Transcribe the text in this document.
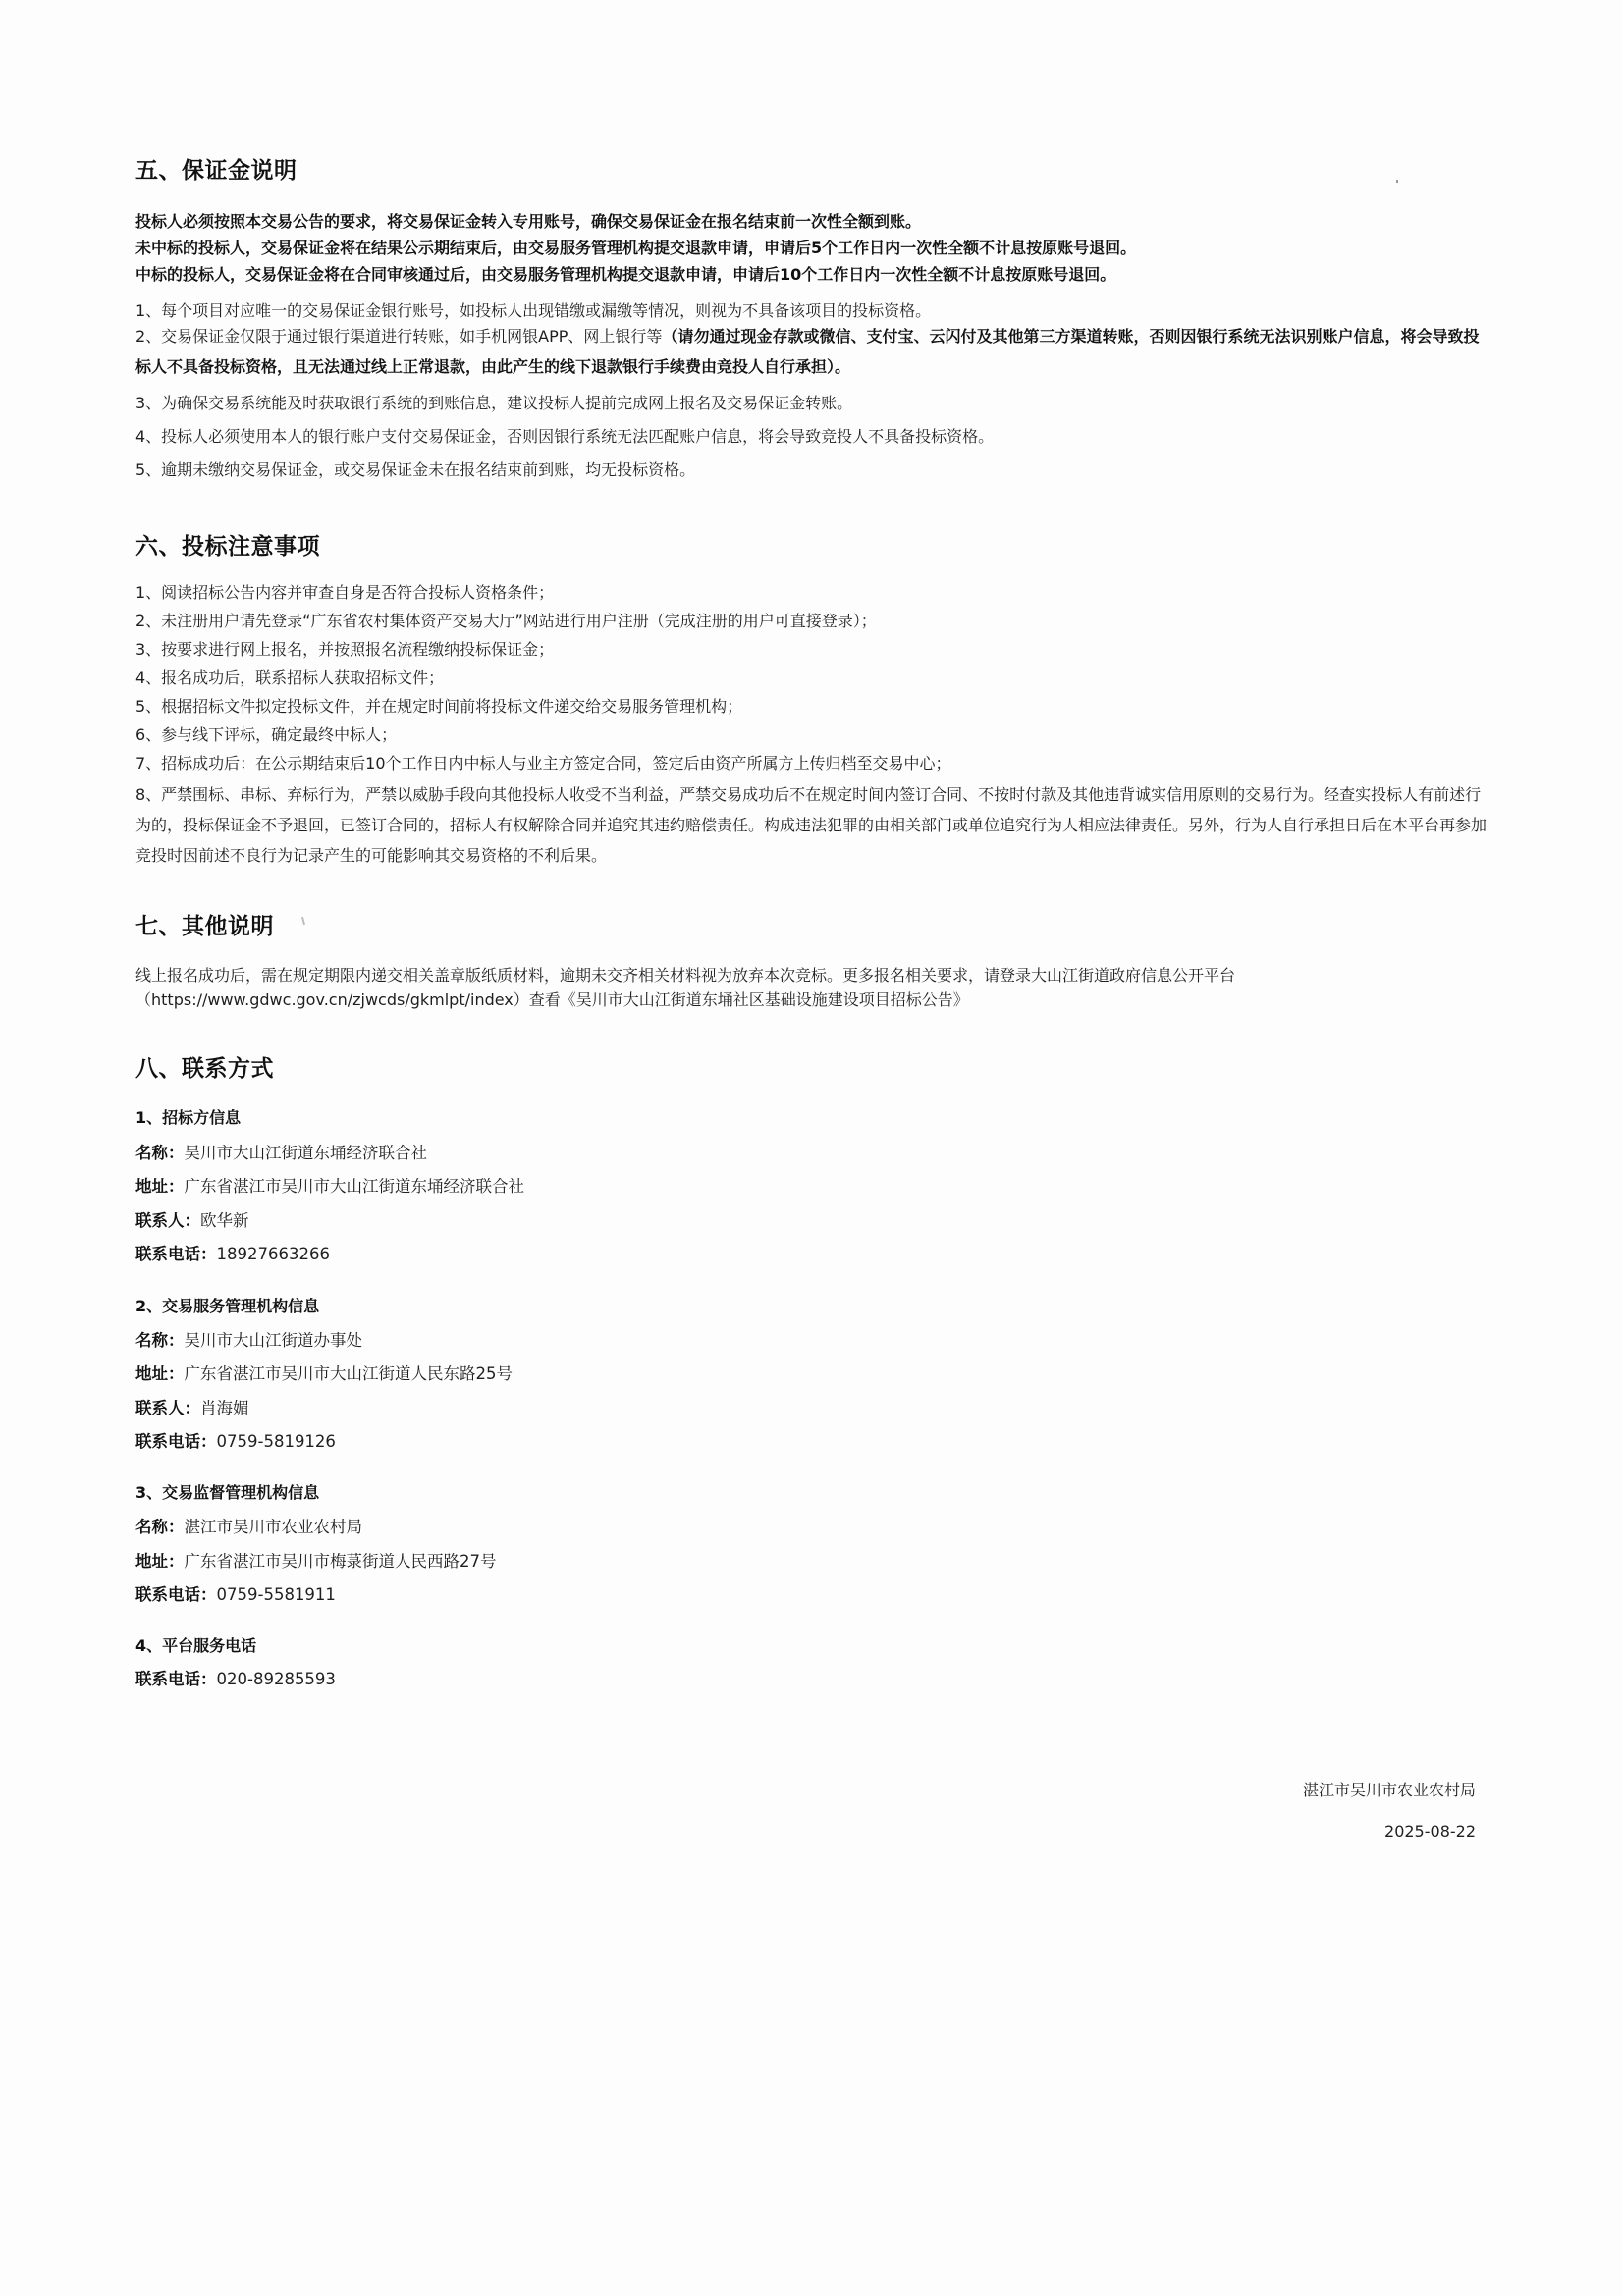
五、保证金说明
投标人必须按照本交易公告的要求，将交易保证金转入专用账号，确保交易保证金在报名结束前一次性全额到账。
未中标的投标人，交易保证金将在结果公示期结束后，由交易服务管理机构提交退款申请，申请后5个工作日内一次性全额不计息按原账号退回。
中标的投标人，交易保证金将在合同审核通过后，由交易服务管理机构提交退款申请，申请后10个工作日内一次性全额不计息按原账号退回。
1、每个项目对应唯一的交易保证金银行账号，如投标人出现错缴或漏缴等情况，则视为不具备该项目的投标资格。
2、交易保证金仅限于通过银行渠道进行转账，如手机网银APP、网上银行等（请勿通过现金存款或微信、支付宝、云闪付及其他第三方渠道转账，否则因银行系统无法识别账户信息，将会导致投标人不具备投标资格，且无法通过线上正常退款，由此产生的线下退款银行手续费由竞投人自行承担）。
3、为确保交易系统能及时获取银行系统的到账信息，建议投标人提前完成网上报名及交易保证金转账。
4、投标人必须使用本人的银行账户支付交易保证金，否则因银行系统无法匹配账户信息，将会导致竞投人不具备投标资格。
5、逾期未缴纳交易保证金，或交易保证金未在报名结束前到账，均无投标资格。
六、投标注意事项
1、阅读招标公告内容并审查自身是否符合投标人资格条件；
2、未注册用户请先登录“广东省农村集体资产交易大厅”网站进行用户注册（完成注册的用户可直接登录）；
3、按要求进行网上报名，并按照报名流程缴纳投标保证金；
4、报名成功后，联系招标人获取招标文件；
5、根据招标文件拟定投标文件，并在规定时间前将投标文件递交给交易服务管理机构；
6、参与线下评标，确定最终中标人；
7、招标成功后：在公示期结束后10个工作日内中标人与业主方签定合同，签定后由资产所属方上传归档至交易中心；
8、严禁围标、串标、弃标行为，严禁以威胁手段向其他投标人收受不当利益，严禁交易成功后不在规定时间内签订合同、不按时付款及其他违背诚实信用原则的交易行为。经查实投标人有前述行为的，投标保证金不予退回，已签订合同的，招标人有权解除合同并追究其违约赔偿责任。构成违法犯罪的由相关部门或单位追究行为人相应法律责任。另外，行为人自行承担日后在本平台再参加竞投时因前述不良行为记录产生的可能影响其交易资格的不利后果。
七、其他说明
线上报名成功后，需在规定期限内递交相关盖章版纸质材料，逾期未交齐相关材料视为放弃本次竞标。更多报名相关要求，请登录大山江街道政府信息公开平台
（https://www.gdwc.gov.cn/zjwcds/gkmlpt/index）查看《吴川市大山江街道东埇社区基础设施建设项目招标公告》
八、联系方式
1、招标方信息
名称：吴川市大山江街道东埇经济联合社
地址：广东省湛江市吴川市大山江街道东埇经济联合社
联系人：欧华新
联系电话：18927663266
2、交易服务管理机构信息
名称：吴川市大山江街道办事处
地址：广东省湛江市吴川市大山江街道人民东路25号
联系人：肖海媚
联系电话：0759-5819126
3、交易监督管理机构信息
名称：湛江市吴川市农业农村局
地址：广东省湛江市吴川市梅菉街道人民西路27号
联系电话：0759-5581911
4、平台服务电话
联系电话：020-89285593
湛江市吴川市农业农村局
2025-08-22
